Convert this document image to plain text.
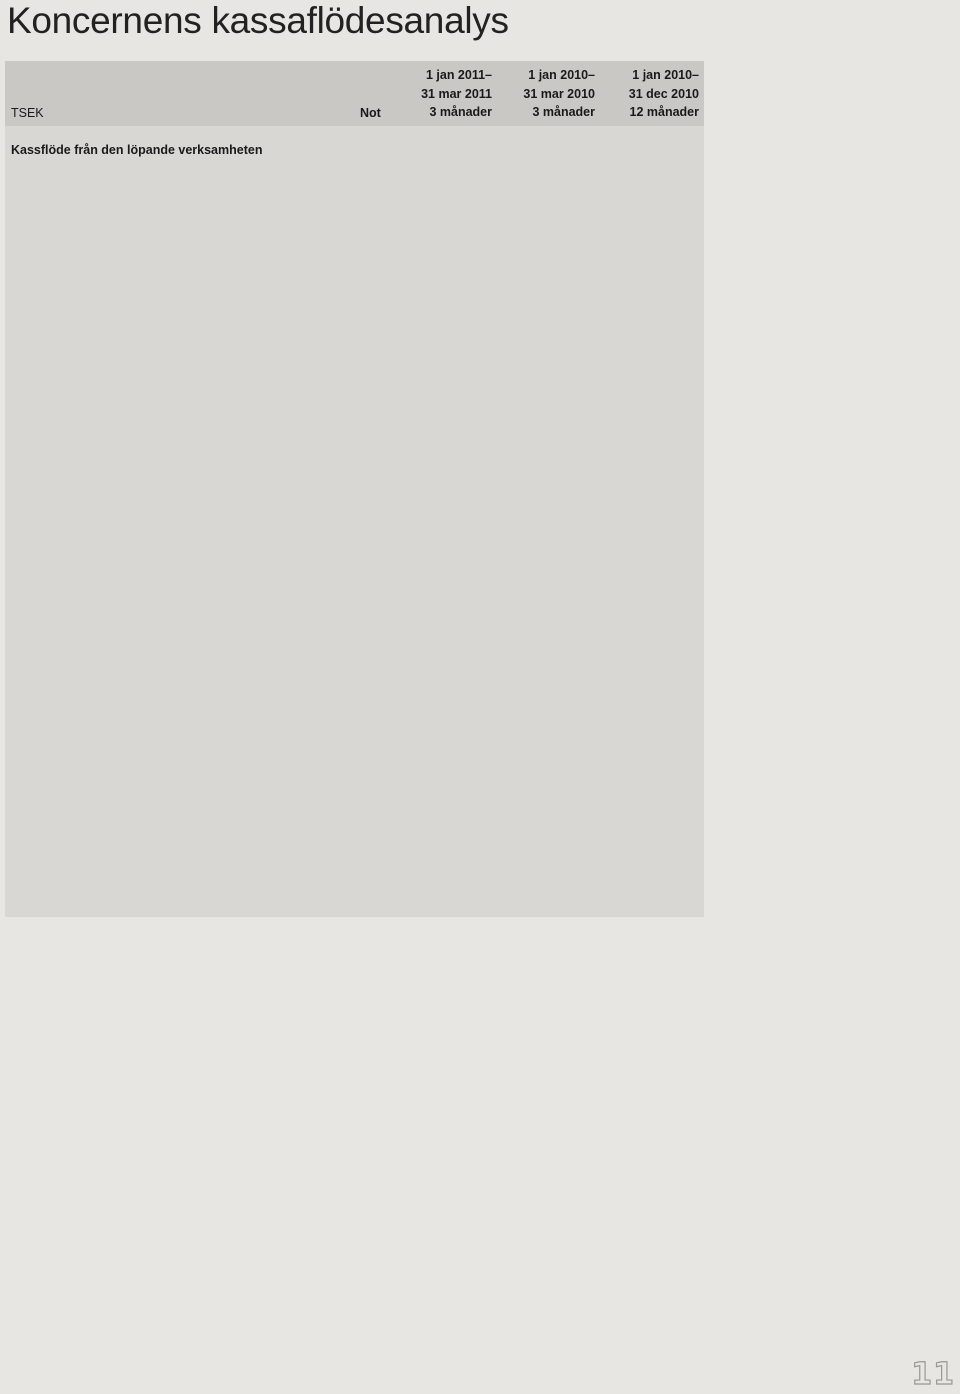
Koncernens kassaflödesanalys
TSEK	Not
1 jan 2011–
31 mar 2011
3 månader
1 jan 2010–
31 mar 2010
3 månader
1 jan 2010–
31 dec 2010
12 månader
Kassflöde från den löpande verksamheten
11
